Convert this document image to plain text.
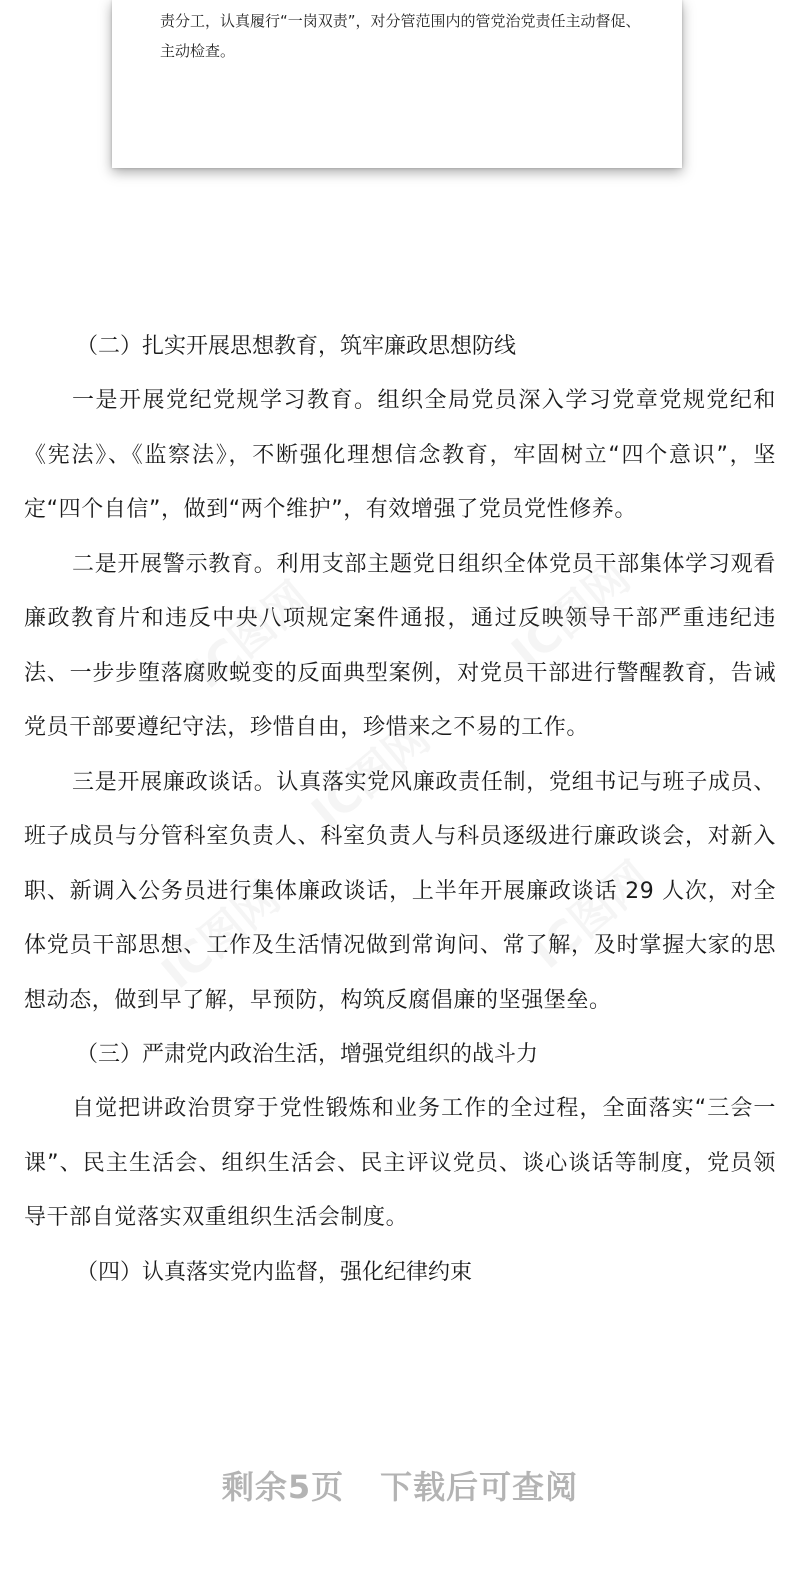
责分工，认真履行“一岗双责”，对分管范围内的管党治党责任主动督促、主动检查。

IC图网	IC图网
IC图网
IC图网	IC图网

（二）扎实开展思想教育，筑牢廉政思想防线

一是开展党纪党规学习教育。组织全局党员深入学习党章党规党纪和《宪法》、《监察法》，不断强化理想信念教育，牢固树立“四个意识”，坚定“四个自信”，做到“两个维护”，有效增强了党员党性修养。

二是开展警示教育。利用支部主题党日组织全体党员干部集体学习观看廉政教育片和违反中央八项规定案件通报，通过反映领导干部严重违纪违法、一步步堕落腐败蜕变的反面典型案例，对党员干部进行警醒教育，告诫党员干部要遵纪守法，珍惜自由，珍惜来之不易的工作。

三是开展廉政谈话。认真落实党风廉政责任制，党组书记与班子成员、班子成员与分管科室负责人、科室负责人与科员逐级进行廉政谈会，对新入职、新调入公务员进行集体廉政谈话，上半年开展廉政谈话 29 人次，对全体党员干部思想、工作及生活情况做到常询问、常了解，及时掌握大家的思想动态，做到早了解，早预防，构筑反腐倡廉的坚强堡垒。

（三）严肃党内政治生活，增强党组织的战斗力

自觉把讲政治贯穿于党性锻炼和业务工作的全过程，全面落实“三会一课”、民主生活会、组织生活会、民主评议党员、谈心谈话等制度，党员领导干部自觉落实双重组织生活会制度。

（四）认真落实党内监督，强化纪律约束

剩余5页 下载后可查阅
